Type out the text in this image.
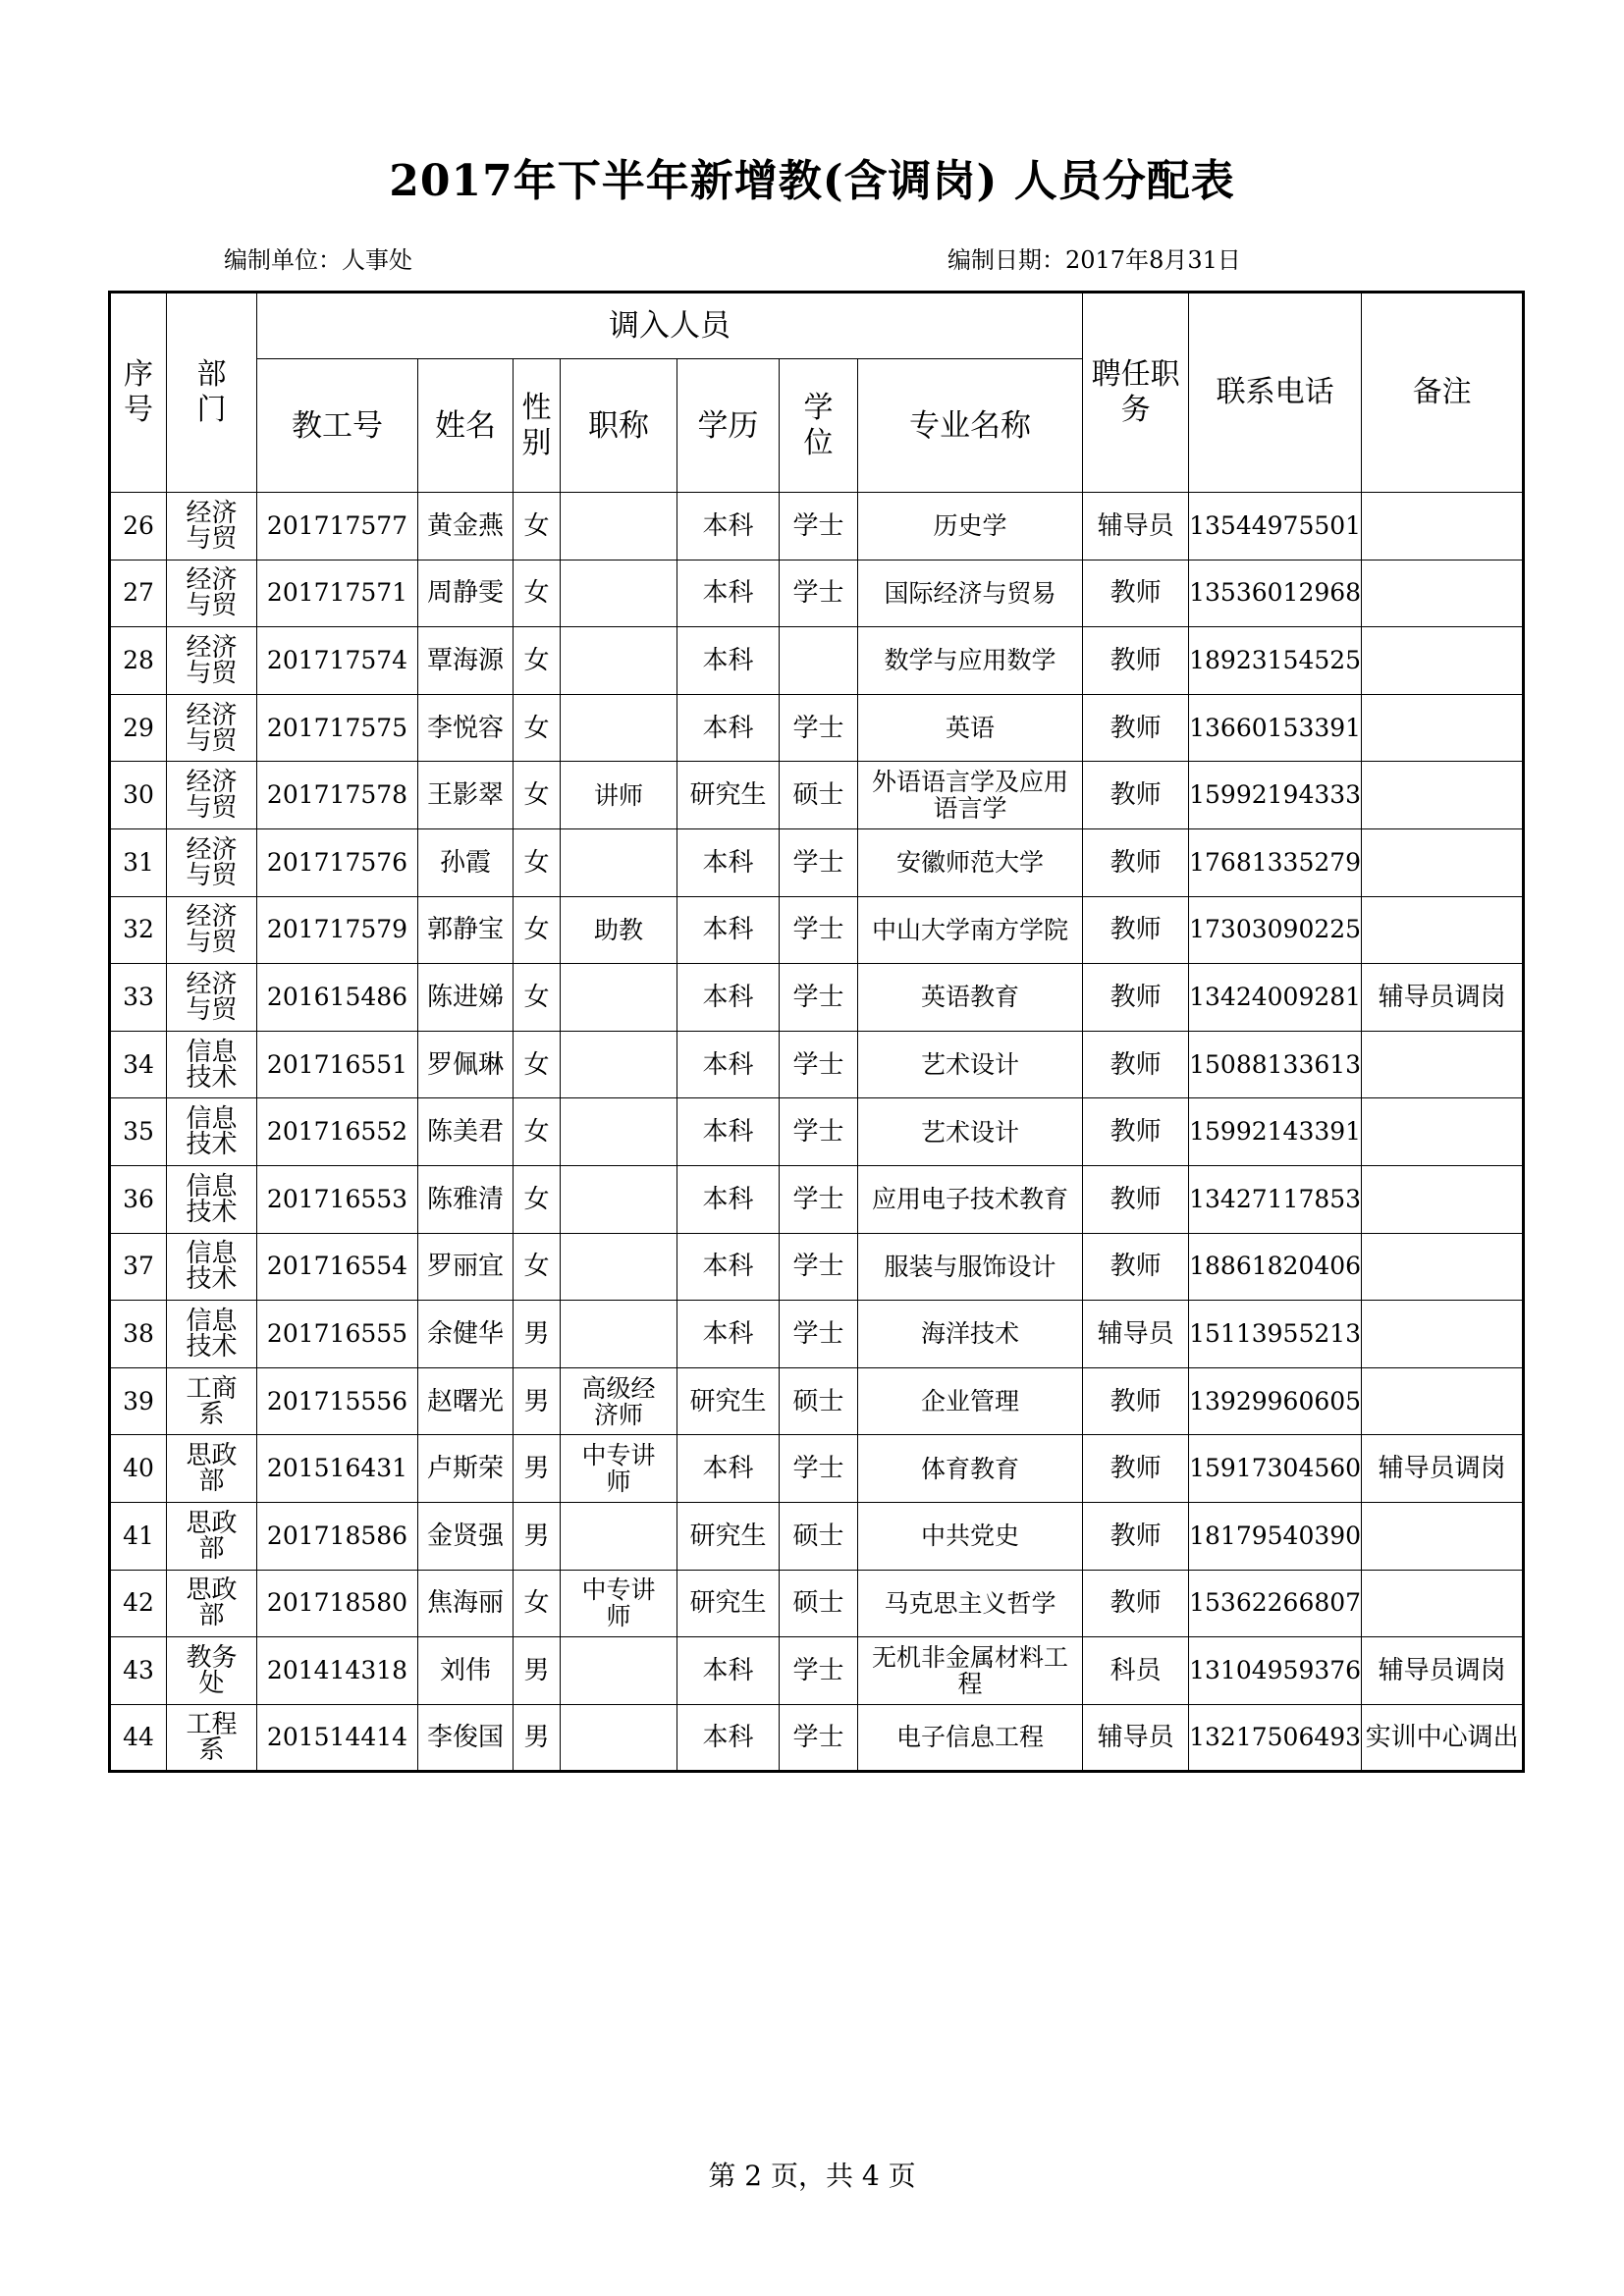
2017年下半年新增教(含调岗) 人员分配表
编制单位：人事处	编制日期：2017年8月31日
序号	部门	调入人员							聘任职务	联系电话	备注
		教工号	姓名	性别	职称	学历	学位	专业名称			
26	经济与贸	201717577	黄金燕	女		本科	学士	历史学	辅导员	13544975501	
27	经济与贸	201717571	周静雯	女		本科	学士	国际经济与贸易	教师	13536012968	
28	经济与贸	201717574	覃海源	女		本科		数学与应用数学	教师	18923154525	
29	经济与贸	201717575	李悦容	女		本科	学士	英语	教师	13660153391	
30	经济与贸	201717578	王影翠	女	讲师	研究生	硕士	外语语言学及应用语言学	教师	15992194333	
31	经济与贸	201717576	孙霞	女		本科	学士	安徽师范大学	教师	17681335279	
32	经济与贸	201717579	郭静宝	女	助教	本科	学士	中山大学南方学院	教师	17303090225	
33	经济与贸	201615486	陈进娣	女		本科	学士	英语教育	教师	13424009281	辅导员调岗
34	信息技术	201716551	罗佩琳	女		本科	学士	艺术设计	教师	15088133613	
35	信息技术	201716552	陈美君	女		本科	学士	艺术设计	教师	15992143391	
36	信息技术	201716553	陈雅清	女		本科	学士	应用电子技术教育	教师	13427117853	
37	信息技术	201716554	罗丽宜	女		本科	学士	服装与服饰设计	教师	18861820406	
38	信息技术	201716555	余健华	男		本科	学士	海洋技术	辅导员	15113955213	
39	工商系	201715556	赵曙光	男	高级经济师	研究生	硕士	企业管理	教师	13929960605	
40	思政部	201516431	卢斯荣	男	中专讲师	本科	学士	体育教育	教师	15917304560	辅导员调岗
41	思政部	201718586	金贤强	男		研究生	硕士	中共党史	教师	18179540390	
42	思政部	201718580	焦海丽	女	中专讲师	研究生	硕士	马克思主义哲学	教师	15362266807	
43	教务处	201414318	刘伟	男		本科	学士	无机非金属材料工程	科员	13104959376	辅导员调岗
44	工程系	201514414	李俊国	男		本科	学士	电子信息工程	辅导员	13217506493	实训中心调出
第 2 页，共 4 页
